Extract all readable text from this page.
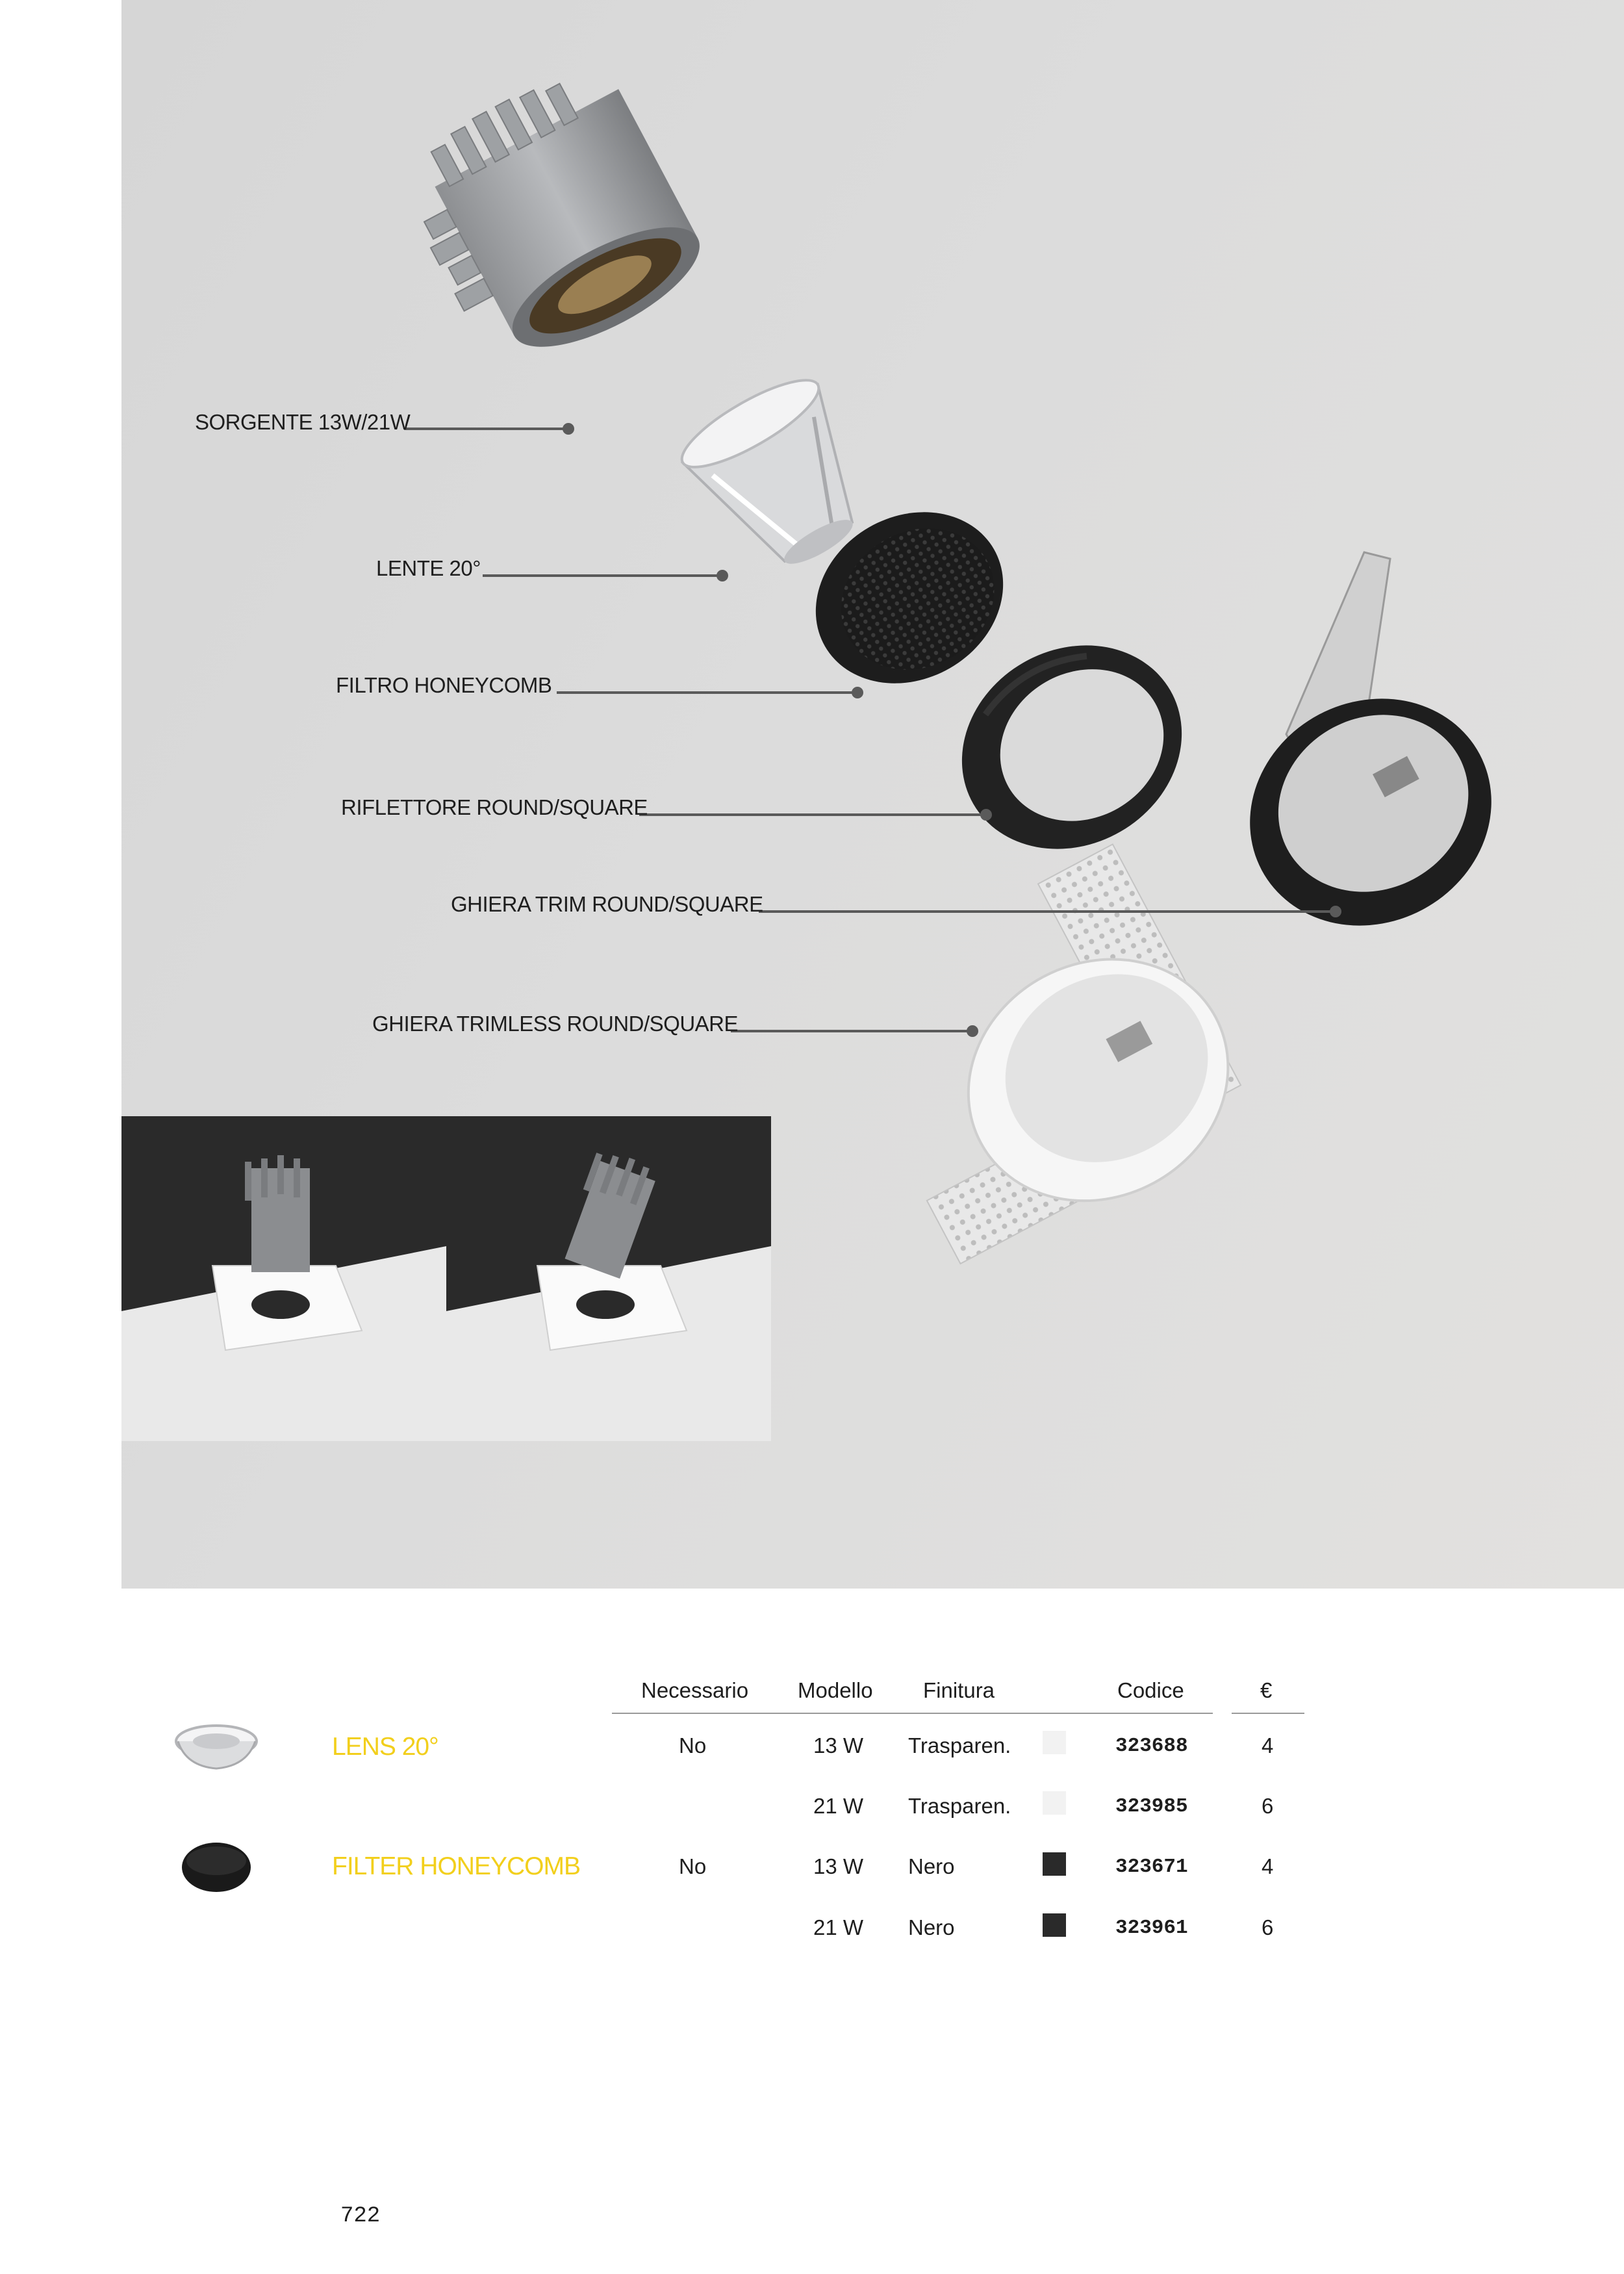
SORGENTE 13W/21W
LENTE 20°
FILTRO HONEYCOMB
RIFLETTORE ROUND/SQUARE
GHIERA TRIM ROUND/SQUARE
GHIERA TRIMLESS ROUND/SQUARE
Necessario Modello Finitura	Codice	€
LENS 20°	No	13 W Trasparen.	323688	4
21 W Trasparen.	323985	6
FILTER HONEYCOMB	No	13 W Nero	323671	4
21 W Nero	323961	6
722
